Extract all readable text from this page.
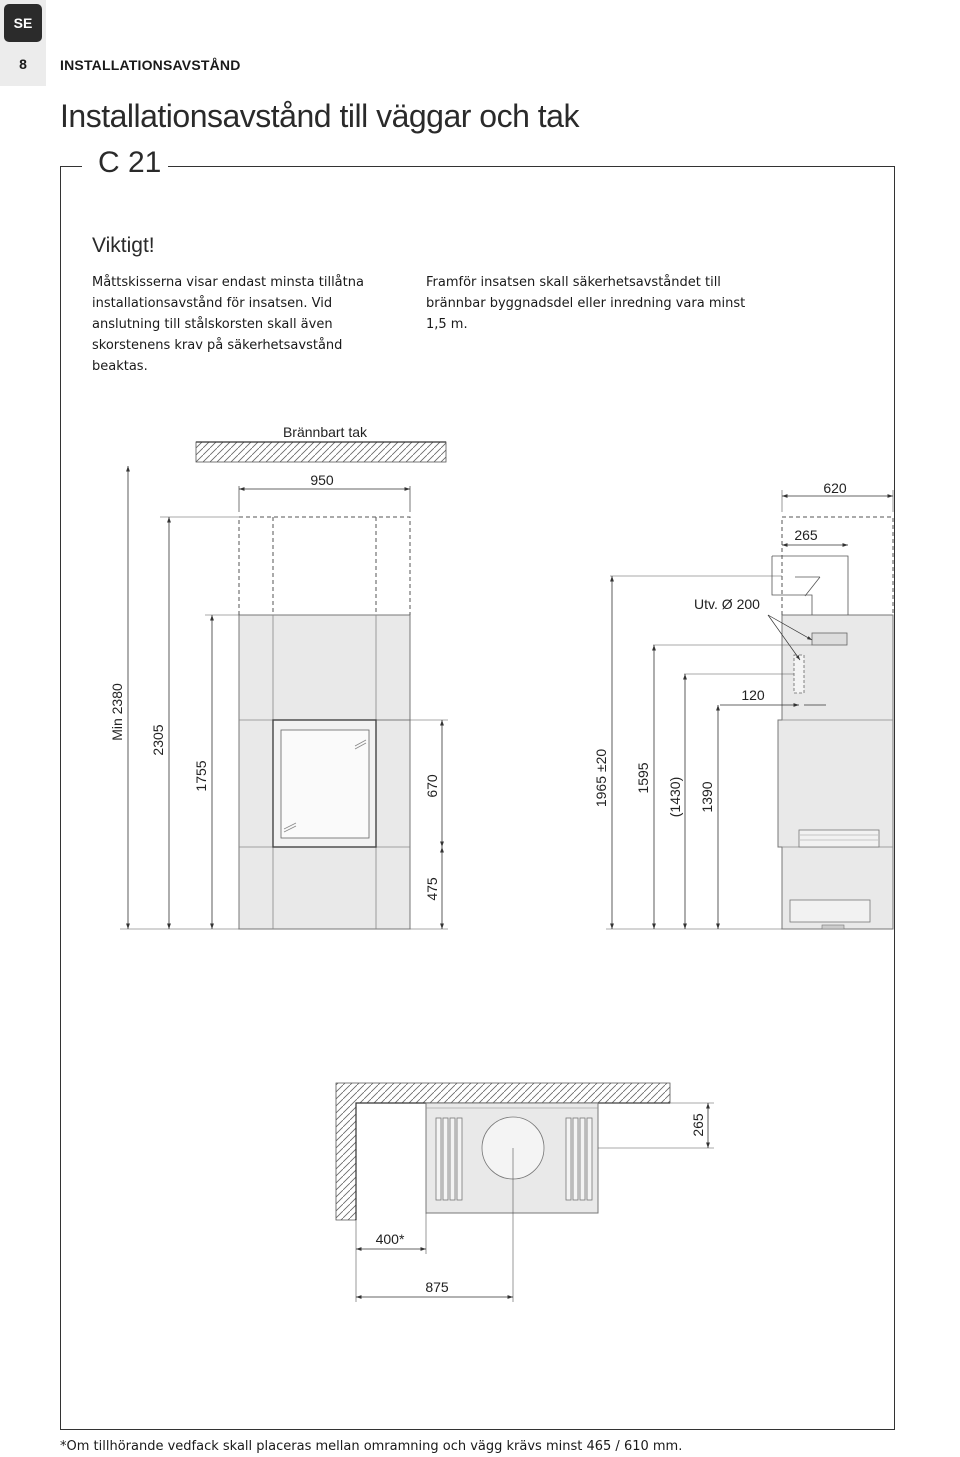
SE
8	INSTALLATIONSAVSTÅND
Installationsavstånd till väggar och tak
C 21
Viktigt!
Måttskisserna visar endast minsta tillåtna installationsavstånd för insatsen. Vid anslutning till stålskorsten skall även skorstenens krav på säkerhetsavstånd beaktas.
Framför insatsen skall säkerhetsavståndet till brännbar byggnadsdel eller inredning vara minst 1,5 m.
Brännbart tak
950
Min 2380 2305
1755	670
475
620
265
Utv. Ø 200
120
1965 ±20 1595 (1430) 1390
265
400*
875
*Om tillhörande vedfack skall placeras mellan omramning och vägg krävs minst 465 / 610 mm.
